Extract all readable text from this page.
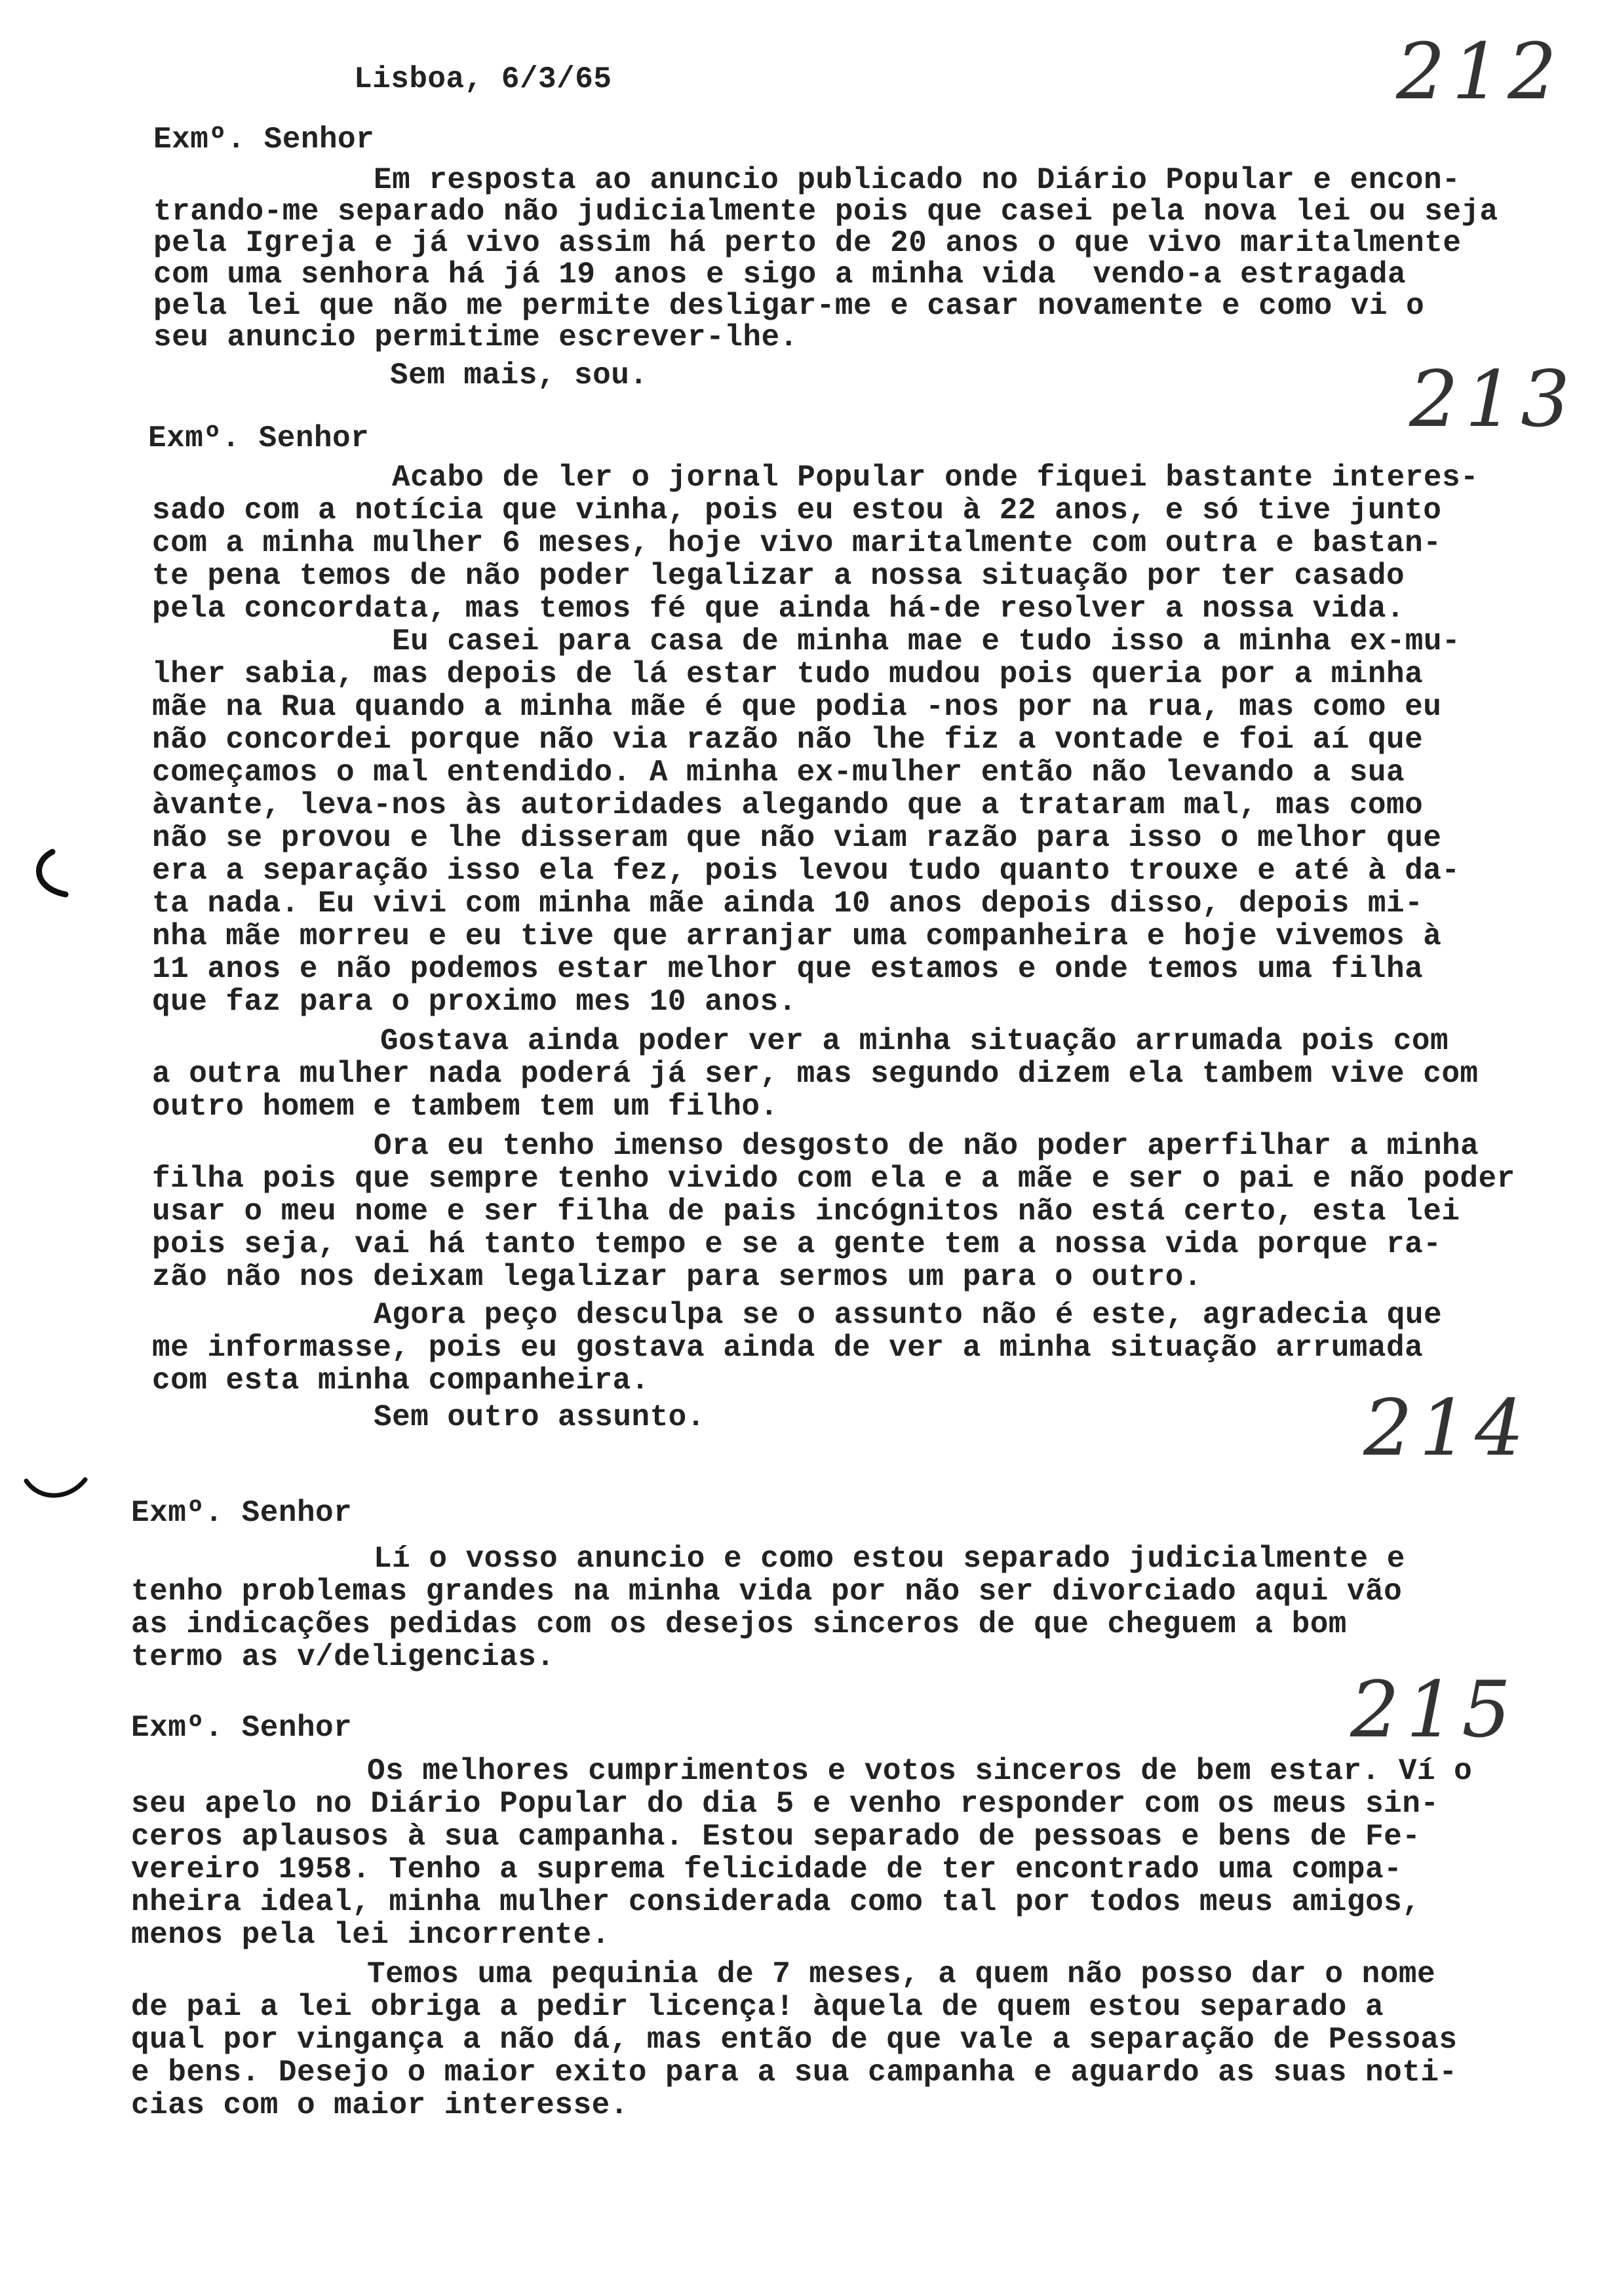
Lisboa, 6/3/65	212
Exmº. Senhor
Em resposta ao anuncio publicado no Diário Popular e encon-
trando-me separado não judicialmente pois que casei pela nova lei ou seja
pela Igreja e já vivo assim há perto de 20 anos o que vivo maritalmente
com uma senhora há já 19 anos e sigo a minha vida  vendo-a estragada
pela lei que não me permite desligar-me e casar novamente e como vi o
seu anuncio permitime escrever-lhe.
Sem mais, sou.	213
Exmº. Senhor
Acabo de ler o jornal Popular onde fiquei bastante interes-
sado com a notícia que vinha, pois eu estou à 22 anos, e só tive junto
com a minha mulher 6 meses, hoje vivo maritalmente com outra e bastan-
te pena temos de não poder legalizar a nossa situação por ter casado
pela concordata, mas temos fé que ainda há-de resolver a nossa vida.
Eu casei para casa de minha mae e tudo isso a minha ex-mu-
lher sabia, mas depois de lá estar tudo mudou pois queria por a minha
mãe na Rua quando a minha mãe é que podia -nos por na rua, mas como eu
não concordei porque não via razão não lhe fiz a vontade e foi aí que
começamos o mal entendido. A minha ex-mulher então não levando a sua
àvante, leva-nos às autoridades alegando que a trataram mal, mas como
não se provou e lhe disseram que não viam razão para isso o melhor que
era a separação isso ela fez, pois levou tudo quanto trouxe e até à da-
ta nada. Eu vivi com minha mãe ainda 10 anos depois disso, depois mi-
nha mãe morreu e eu tive que arranjar uma companheira e hoje vivemos à
11 anos e não podemos estar melhor que estamos e onde temos uma filha
que faz para o proximo mes 10 anos.
Gostava ainda poder ver a minha situação arrumada pois com
a outra mulher nada poderá já ser, mas segundo dizem ela tambem vive com
outro homem e tambem tem um filho.
Ora eu tenho imenso desgosto de não poder aperfilhar a minha
filha pois que sempre tenho vivido com ela e a mãe e ser o pai e não poder
usar o meu nome e ser filha de pais incógnitos não está certo, esta lei
pois seja, vai há tanto tempo e se a gente tem a nossa vida porque ra-
zão não nos deixam legalizar para sermos um para o outro.
Agora peço desculpa se o assunto não é este, agradecia que
me informasse, pois eu gostava ainda de ver a minha situação arrumada
com esta minha companheira.
Sem outro assunto.	214
Exmº. Senhor
Lí o vosso anuncio e como estou separado judicialmente e
tenho problemas grandes na minha vida por não ser divorciado aqui vão
as indicações pedidas com os desejos sinceros de que cheguem a bom
termo as v/deligencias.
215
Exmº. Senhor
Os melhores cumprimentos e votos sinceros de bem estar. Ví o
seu apelo no Diário Popular do dia 5 e venho responder com os meus sin-
ceros aplausos à sua campanha. Estou separado de pessoas e bens de Fe-
vereiro 1958. Tenho a suprema felicidade de ter encontrado uma compa-
nheira ideal, minha mulher considerada como tal por todos meus amigos,
menos pela lei incorrente.
Temos uma pequinia de 7 meses, a quem não posso dar o nome
de pai a lei obriga a pedir licença! àquela de quem estou separado a
qual por vingança a não dá, mas então de que vale a separação de Pessoas
e bens. Desejo o maior exito para a sua campanha e aguardo as suas noti-
cias com o maior interesse.
